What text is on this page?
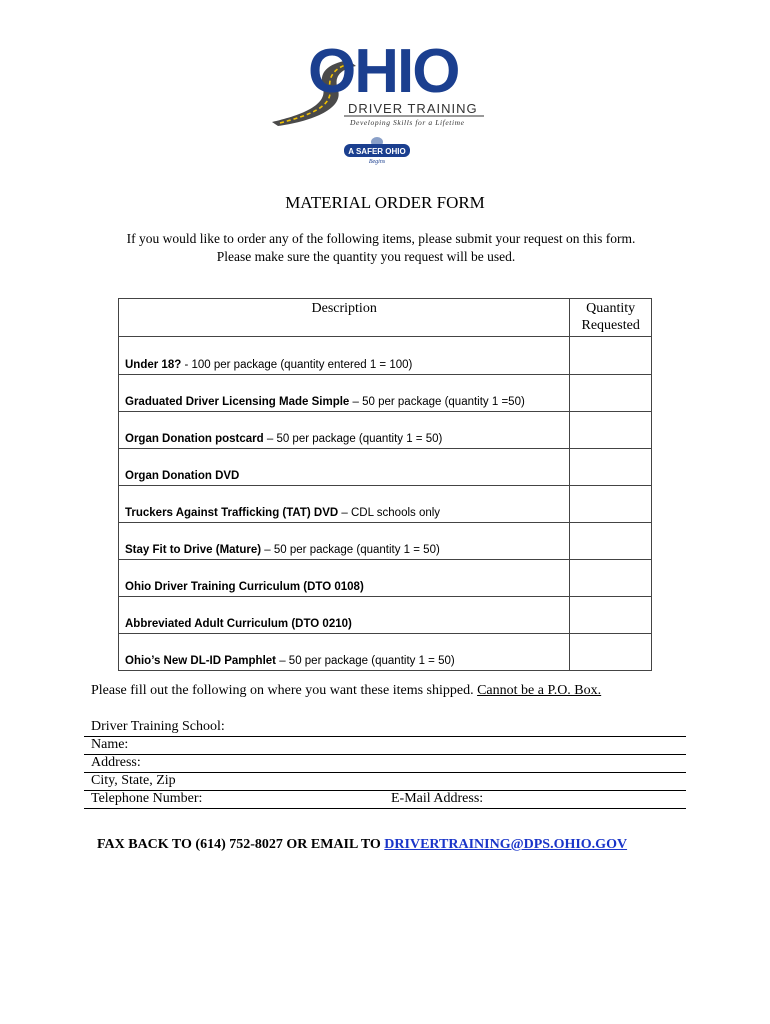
OHIO
DRIVER TRAINING
Developing Skills for a Lifetime
A SAFER OHIO
Begins
MATERIAL ORDER FORM
If you would like to order any of the following items, please submit your request on this form.
Please make sure the quantity you request will be used.
Description	Quantity
Requested
Under 18? - 100 per package (quantity entered 1 = 100)	
Graduated Driver Licensing Made Simple – 50 per package (quantity 1 =50)	
Organ Donation postcard – 50 per package (quantity 1 = 50)	
Organ Donation DVD	
Truckers Against Trafficking (TAT) DVD – CDL schools only	
Stay Fit to Drive (Mature) – 50 per package (quantity 1 = 50)	
Ohio Driver Training Curriculum (DTO 0108)	
Abbreviated Adult Curriculum (DTO 0210)	
Ohio’s New DL-ID Pamphlet – 50 per package (quantity 1 = 50)	
Please fill out the following on where you want these items shipped. Cannot be a P.O. Box.
Driver Training School:
Name:
Address:
City, State, Zip
Telephone Number:	E-Mail Address:
FAX BACK TO (614) 752-8027 OR EMAIL TO DRIVERTRAINING@DPS.OHIO.GOV
